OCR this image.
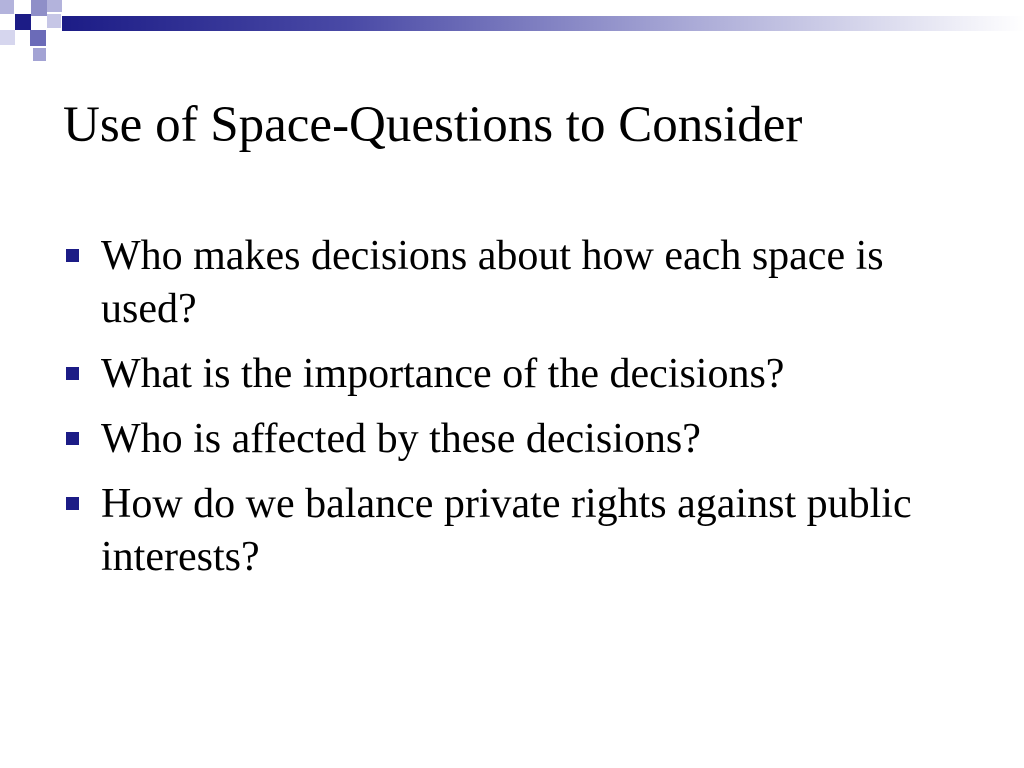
Use of Space-Questions to Consider
Who makes decisions about how each space is used?
What is the importance of the decisions?
Who is affected by these decisions?
How do we balance private rights against public interests?
